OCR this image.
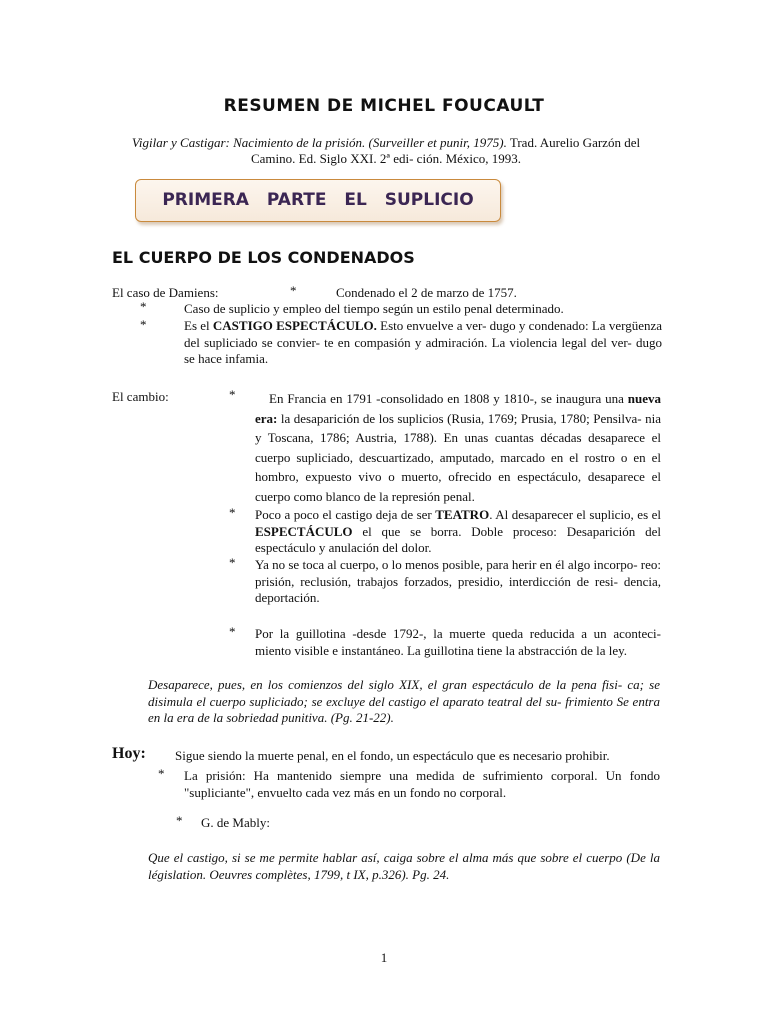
RESUMEN DE MICHEL FOUCAULT
Vigilar y Castigar: Nacimiento de la prisión. (Surveiller et punir, 1975). Trad. Aurelio Garzón del
Camino. Ed. Siglo XXI. 2ª edi- ción. México, 1993.
PRIMERA PARTE EL SUPLICIO
EL CUERPO DE LOS CONDENADOS
El caso de Damiens:	*	Condenado el 2 de marzo de 1757.
*	Caso de suplicio y empleo del tiempo según un estilo penal determinado.
*	Es el CASTIGO ESPECTÁCULO. Esto envuelve a ver- dugo y condenado: La vergüenza del supliciado se convier- te en compasión y admiración. La violencia legal del ver- dugo se hace infamia.
El cambio:	*	En Francia en 1791 -consolidado en 1808 y 1810-, se inaugura una nueva era: la desaparición de los suplicios (Rusia, 1769; Prusia, 1780; Pensilva- nia y Toscana, 1786; Austria, 1788). En unas cuantas décadas desaparece el cuerpo supliciado, descuartizado, amputado, marcado en el rostro o en el hombro, expuesto vivo o muerto, ofrecido en espectáculo, desaparece el cuerpo como blanco de la represión penal.
* Poco a poco el castigo deja de ser TEATRO. Al desaparecer el suplicio, es el ESPECTÁCULO el que se borra. Doble proceso: Desaparición del espectáculo y anulación del dolor.
* Ya no se toca al cuerpo, o lo menos posible, para herir en él algo incorpo- reo: prisión, reclusión, trabajos forzados, presidio, interdicción de resi- dencia, deportación.
* Por la guillotina -desde 1792-, la muerte queda reducida a un aconteci- miento visible e instantáneo. La guillotina tiene la abstracción de la ley.
Desaparece, pues, en los comienzos del siglo XIX, el gran espectáculo de la pena fisi- ca; se disimula el cuerpo supliciado; se excluye del castigo el aparato teatral del su- frimiento Se entra en la era de la sobriedad punitiva. (Pg. 21-22).
Hoy: Sigue siendo la muerte penal, en el fondo, un espectáculo que es necesario prohibir.
* La prisión: Ha mantenido siempre una medida de sufrimiento corporal. Un fondo "supliciante", envuelto cada vez más en un fondo no corporal.
* G. de Mably:
Que el castigo, si se me permite hablar así, caiga sobre el alma más que sobre el cuerpo (De la législation. Oeuvres complètes, 1799, t IX, p.326). Pg. 24.
1
